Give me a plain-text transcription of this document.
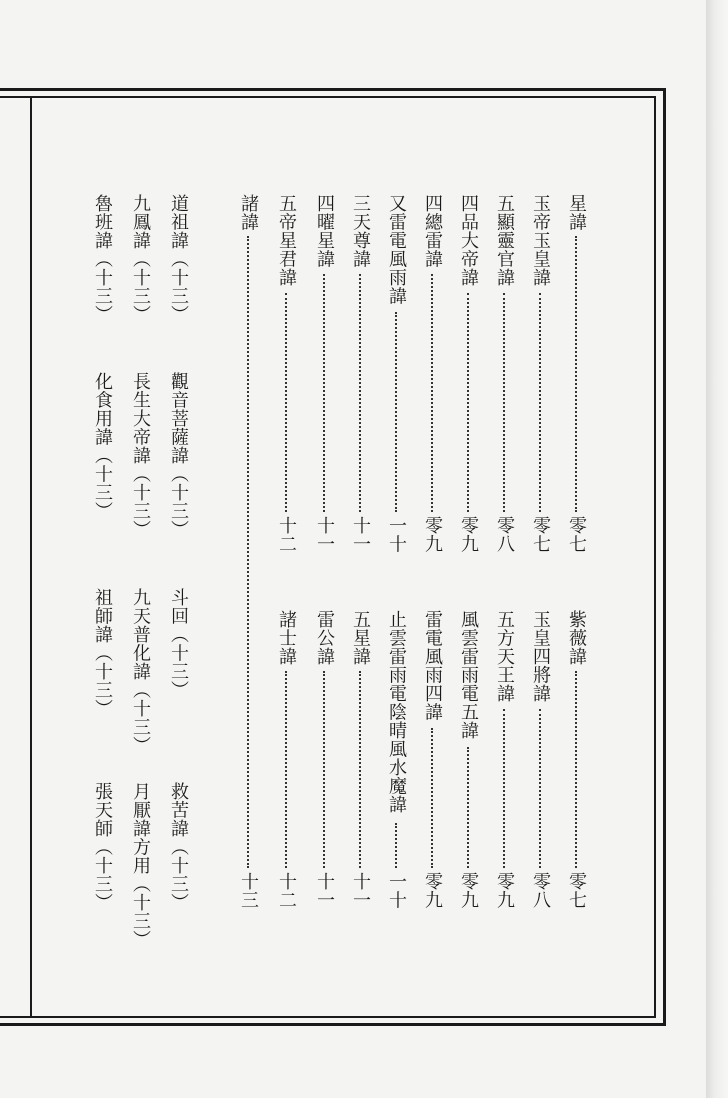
星諱
零七
紫薇諱
零七
玉帝玉皇諱
零七
玉皇四將諱
零八
五顯靈官諱
零八
五方天王諱
零九
四品大帝諱
零九
風雲雷雨電五諱
零九
四總雷諱
零九
雷電風雨四諱
零九
又雷電風雨諱
一十
止雲雷雨電陰晴風水魔諱
一十
三天尊諱
十一
五星諱
十一
四曜星諱
十一
雷公諱
十一
五帝星君諱
十二
諸士諱
十二
諸諱
十三
道祖諱（十三）
觀音菩薩諱（十三）
斗回（十三）
救苦諱（十三）
九鳳諱（十三）
長生大帝諱（十三）
九天普化諱（十三）
月厭諱方用（十三）
魯班諱（十三）
化食用諱（十三）
祖師諱（十三）
張天師（十三）
